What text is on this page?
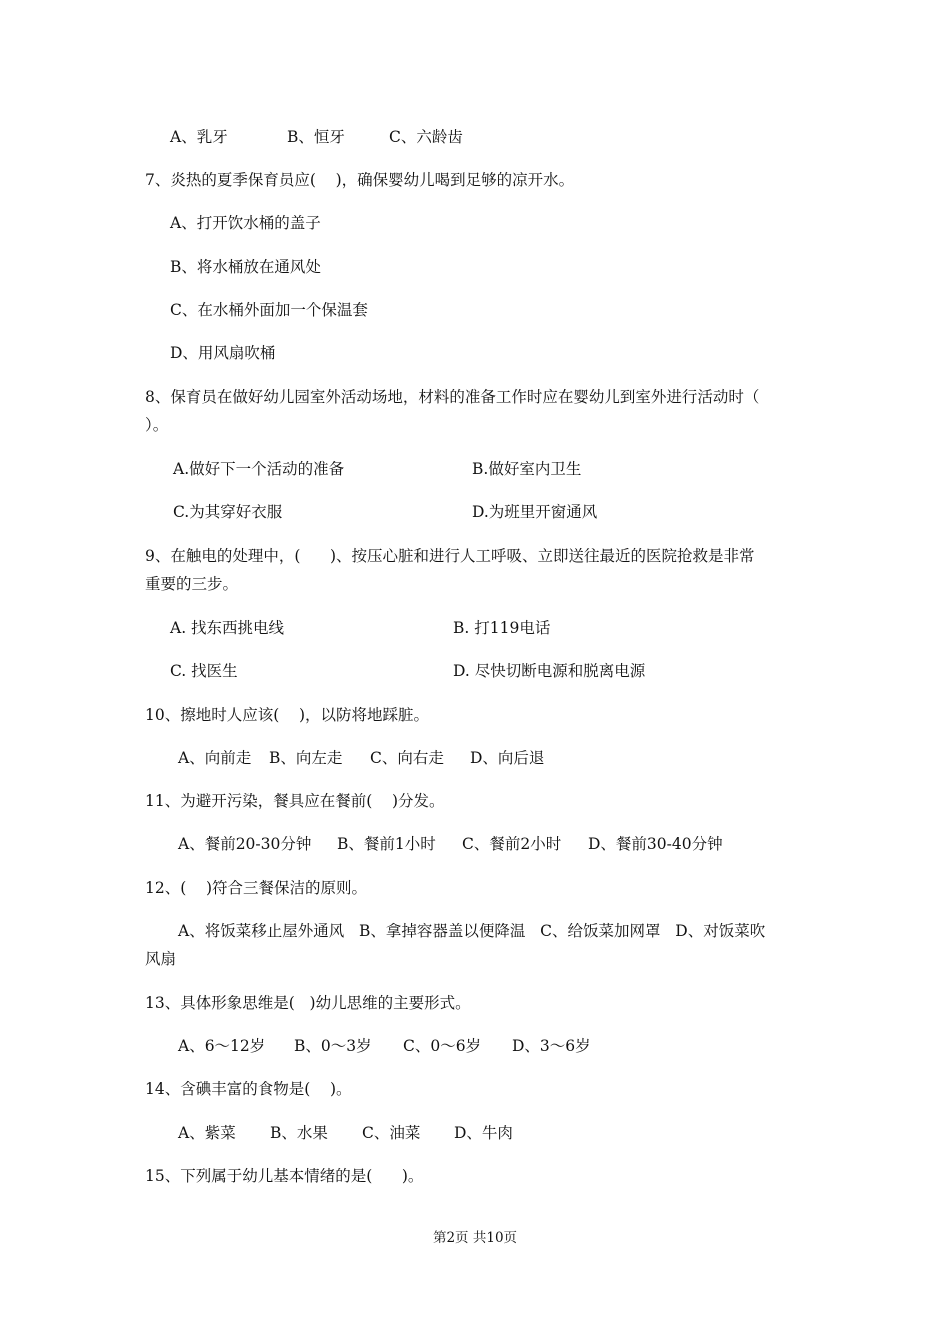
A、乳牙	B、恒牙	C、六龄齿
7、炎热的夏季保育员应(    )，确保婴幼儿喝到足够的凉开水。
A、打开饮水桶的盖子
B、将水桶放在通风处
C、在水桶外面加一个保温套
D、用风扇吹桶
8、保育员在做好幼儿园室外活动场地，材料的准备工作时应在婴幼儿到室外进行活动时（
）。
A.做好下一个活动的准备	B.做好室内卫生
C.为其穿好衣服	D.为班里开窗通风
9、在触电的处理中，(      )、按压心脏和进行人工呼吸、立即送往最近的医院抢救是非常
重要的三步。
A. 找东西挑电线	B. 打119电话
C. 找医生	D. 尽快切断电源和脱离电源
10、擦地时人应该(    )，以防将地踩脏。
A、向前走 B、向左走 C、向右走 D、向后退
11、为避开污染，餐具应在餐前(    )分发。
A、餐前20-30分钟 B、餐前1小时 C、餐前2小时 D、餐前30-40分钟
12、(    )符合三餐保洁的原则。
A、将饭菜移止屋外通风   B、拿掉容器盖以便降温   C、给饭菜加网罩   D、对饭菜吹
风扇
13、具体形象思维是(   )幼儿思维的主要形式。
A、6～12岁 B、0～3岁 C、0～6岁 D、3～6岁
14、含碘丰富的食物是(    )。
A、紫菜 B、水果 C、油菜 D、牛肉
15、下列属于幼儿基本情绪的是(      )。
第2页 共10页
